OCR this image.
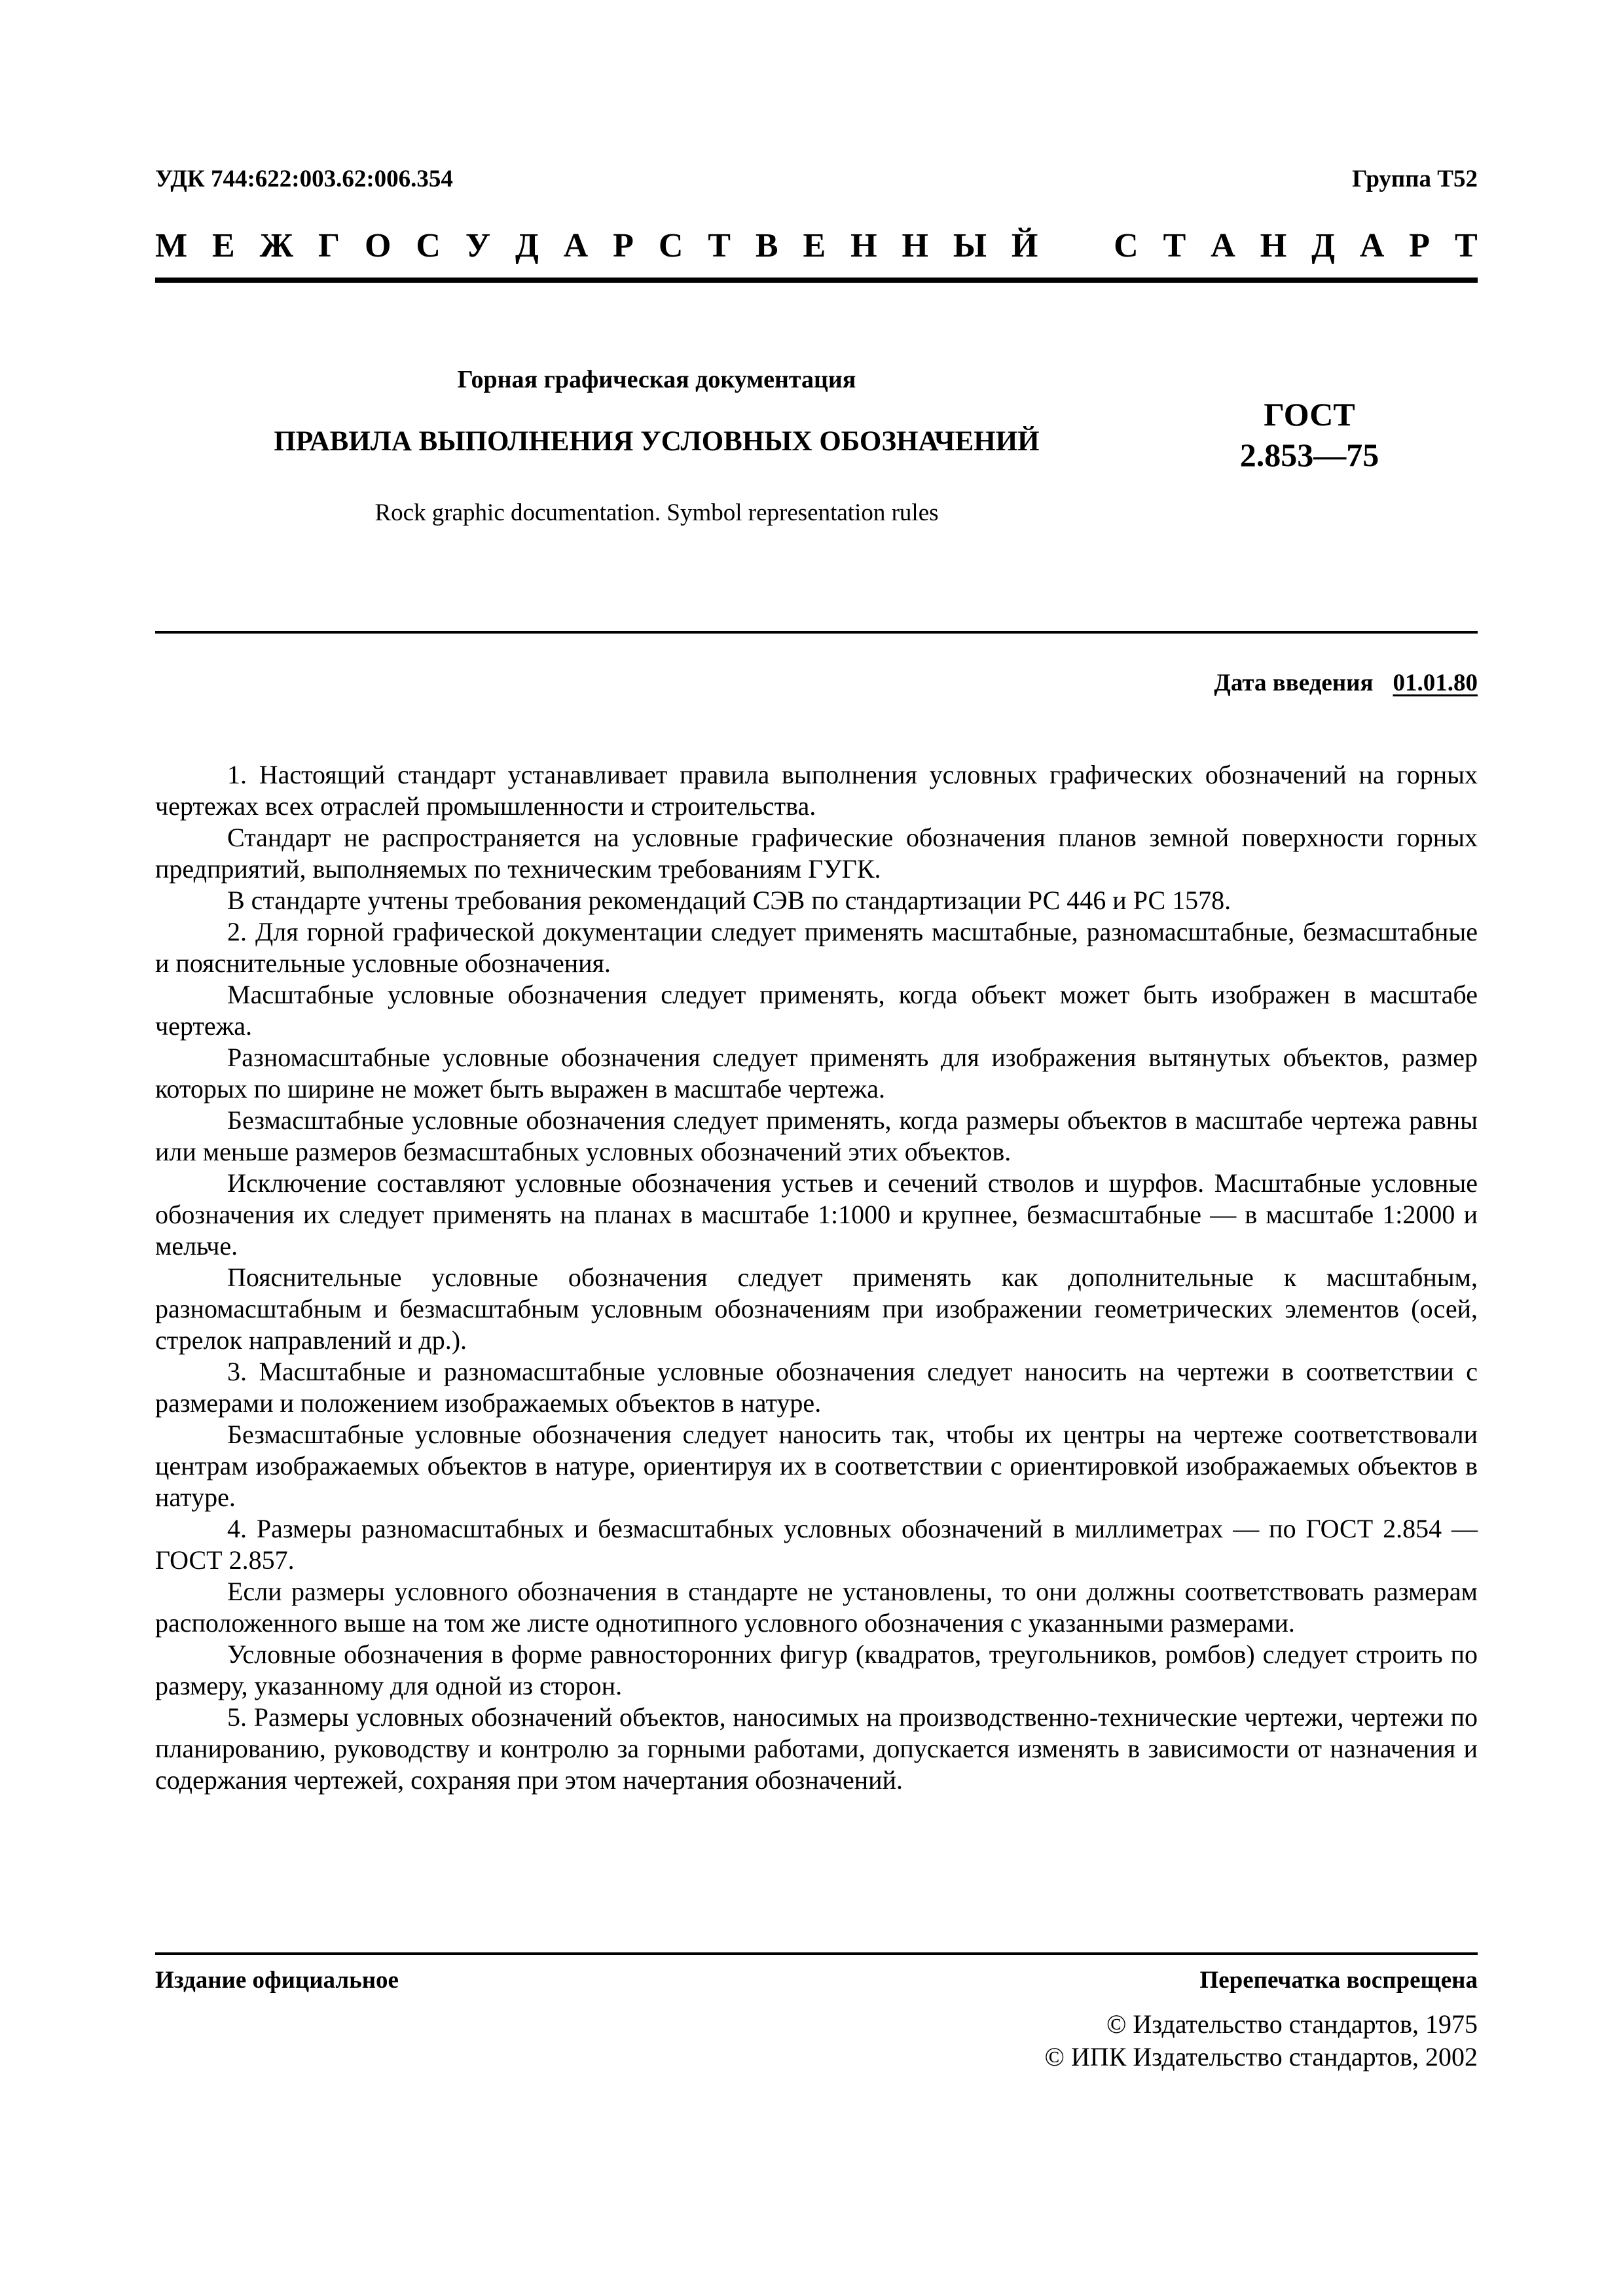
УДК 744:622:003.62:006.354	Группа Т52
М Е Ж Г О С У Д А Р С Т В Е Н Н Ы Й С Т А Н Д А Р Т
Горная графическая документация
ПРАВИЛА ВЫПОЛНЕНИЯ УСЛОВНЫХ ОБОЗНАЧЕНИЙ
Rock graphic documentation. Symbol representation rules
ГОСТ
2.853—75
Дата введения 01.01.80

1. Настоящий стандарт устанавливает правила выполнения условных графических обозначений на горных чертежах всех отраслей промышленности и строительства.

Стандарт не распространяется на условные графические обозначения планов земной поверхности горных предприятий, выполняемых по техническим требованиям ГУГК.

В стандарте учтены требования рекомендаций СЭВ по стандартизации РС 446 и РС 1578.

2. Для горной графической документации следует применять масштабные, разномасштабные, безмасштабные и пояснительные условные обозначения.

Масштабные условные обозначения следует применять, когда объект может быть изображен в масштабе чертежа.

Разномасштабные условные обозначения следует применять для изображения вытянутых объектов, размер которых по ширине не может быть выражен в масштабе чертежа.

Безмасштабные условные обозначения следует применять, когда размеры объектов в масштабе чертежа равны или меньше размеров безмасштабных условных обозначений этих объектов.

Исключение составляют условные обозначения устьев и сечений стволов и шурфов. Масштабные условные обозначения их следует применять на планах в масштабе 1:1000 и крупнее, безмасштабные — в масштабе 1:2000 и мельче.

Пояснительные условные обозначения следует применять как дополнительные к масштабным, разномасштабным и безмасштабным условным обозначениям при изображении геометрических элементов (осей, стрелок направлений и др.).

3. Масштабные и разномасштабные условные обозначения следует наносить на чертежи в соответствии с размерами и положением изображаемых объектов в натуре.

Безмасштабные условные обозначения следует наносить так, чтобы их центры на чертеже соответствовали центрам изображаемых объектов в натуре, ориентируя их в соответствии с ориентировкой изображаемых объектов в натуре.

4. Размеры разномасштабных и безмасштабных условных обозначений в миллиметрах — по ГОСТ 2.854 — ГОСТ 2.857.

Если размеры условного обозначения в стандарте не установлены, то они должны соответствовать размерам расположенного выше на том же листе однотипного условного обозначения с указанными размерами.

Условные обозначения в форме равносторонних фигур (квадратов, треугольников, ромбов) следует строить по размеру, указанному для одной из сторон.

5. Размеры условных обозначений объектов, наносимых на производственно-технические чертежи, чертежи по планированию, руководству и контролю за горными работами, допускается изменять в зависимости от назначения и содержания чертежей, сохраняя при этом начертания обозначений.

Издание официальное	Перепечатка воспрещена
© Издательство стандартов, 1975
© ИПК Издательство стандартов, 2002
